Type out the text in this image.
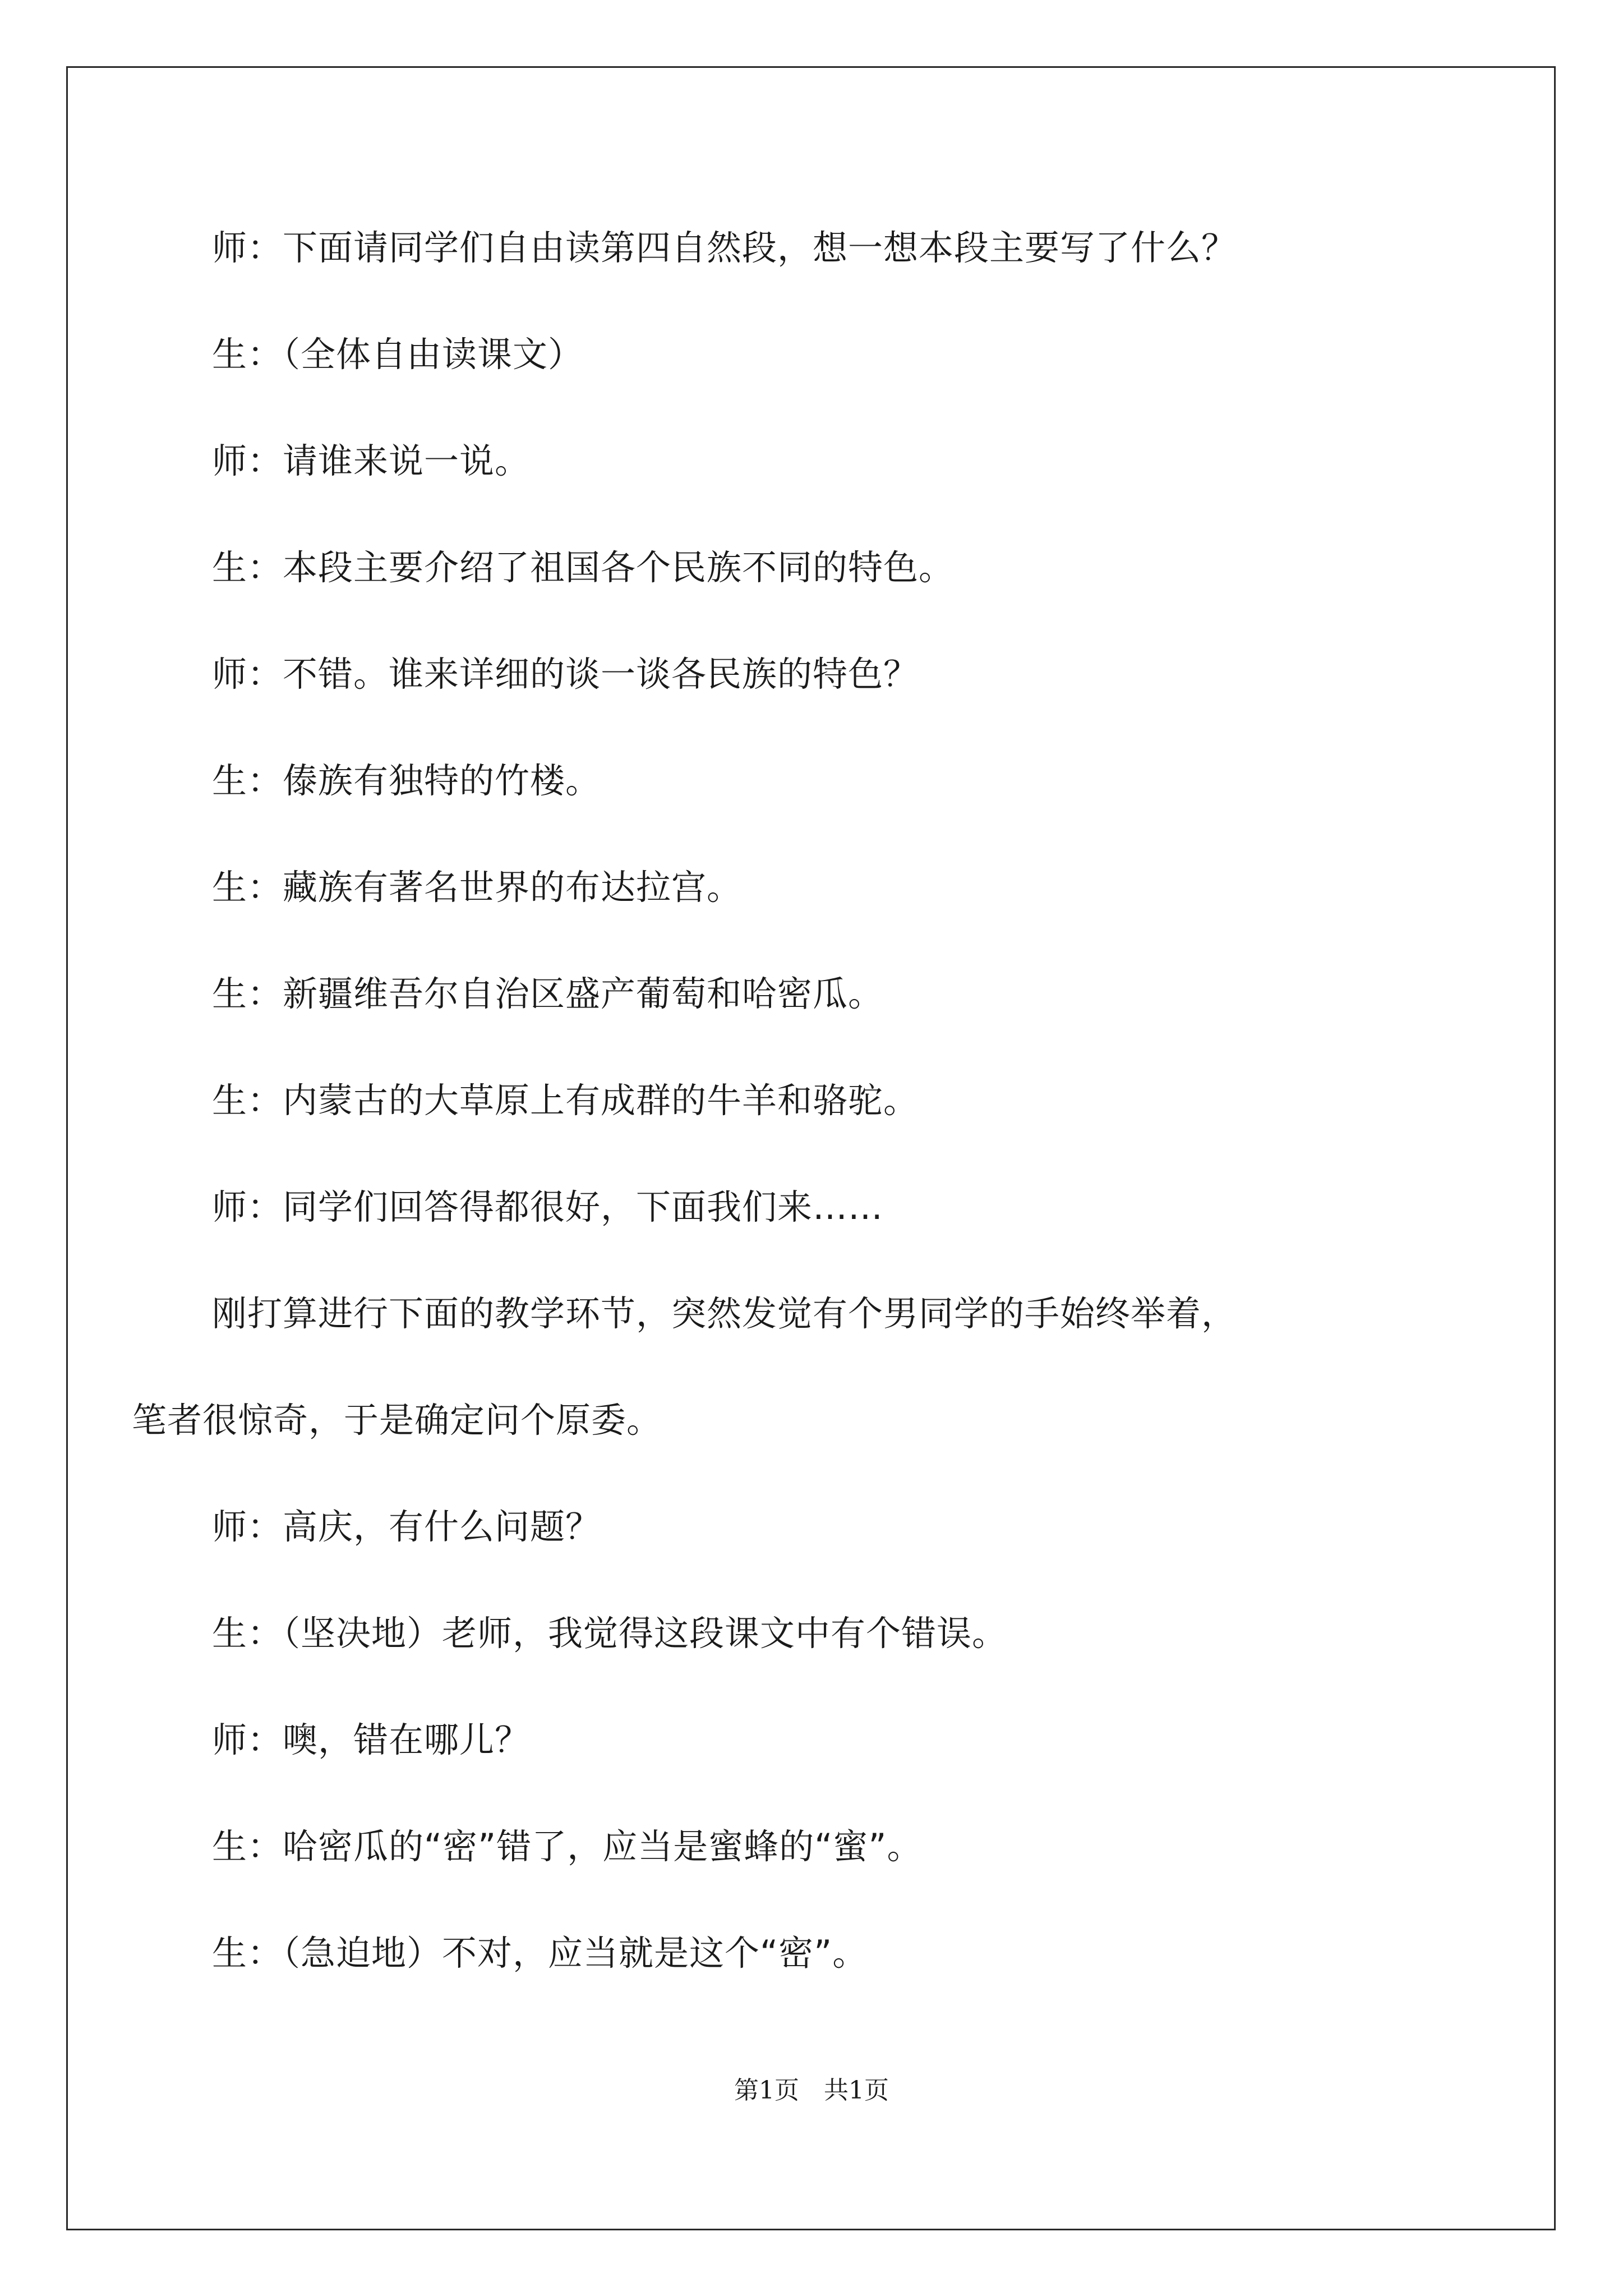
师：下面请同学们自由读第四自然段，想一想本段主要写了什么？
生：（全体自由读课文）
师：请谁来说一说。
生：本段主要介绍了祖国各个民族不同的特色。
师：不错。谁来详细的谈一谈各民族的特色？
生：傣族有独特的竹楼。
生：藏族有著名世界的布达拉宫。
生：新疆维吾尔自治区盛产葡萄和哈密瓜。
生：内蒙古的大草原上有成群的牛羊和骆驼。
师：同学们回答得都很好，下面我们来……
刚打算进行下面的教学环节，突然发觉有个男同学的手始终举着，
笔者很惊奇，于是确定问个原委。
师：高庆，有什么问题？
生：（坚决地）老师，我觉得这段课文中有个错误。
师：噢，错在哪儿？
生：哈密瓜的“密”错了，应当是蜜蜂的“蜜”。
生：（急迫地）不对，应当就是这个“密”。
第1页　共1页
